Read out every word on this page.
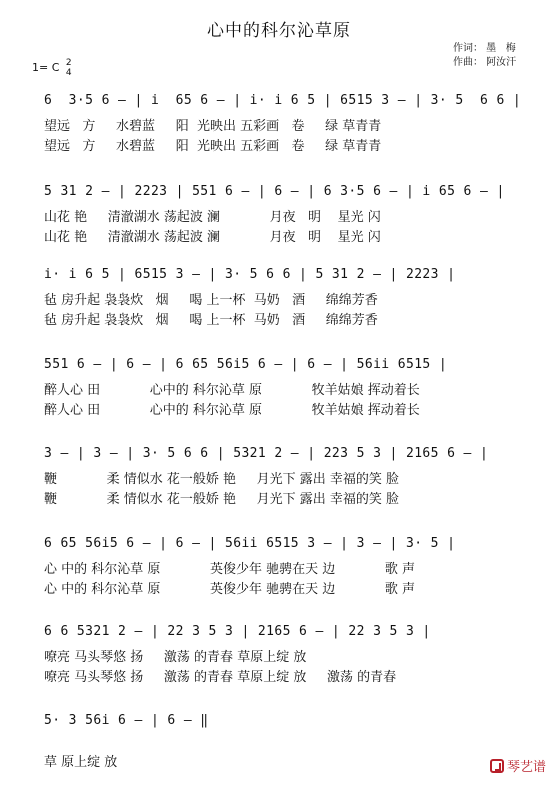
心中的科尔沁草原
1= C 2
4
作词： 墨   梅
作曲： 阿汝汗
6  3·5 6 – | i  65 6 – | i· i 6 5 | 6515 3 – | 3· 5  6 6 |
望远   方     水碧蓝     阳  光映出 五彩画   卷     绿 草青青
望远   方     水碧蓝     阳  光映出 五彩画   卷     绿 草青青
5 31 2 – | 2223 | 551 6 – | 6 – | 6 3·5 6 – | i 65 6 – |
山花 艳     清澈湖水 荡起波 澜            月夜   明    星光 闪
山花 艳     清澈湖水 荡起波 澜            月夜   明    星光 闪
i· i 6 5 | 6515 3 – | 3· 5 6 6 | 5 31 2 – | 2223 |
毡 房升起 袅袅炊   烟     喝 上一杯  马奶   酒     绵绵芳香
毡 房升起 袅袅炊   烟     喝 上一杯  马奶   酒     绵绵芳香
551 6 – | 6 – | 6 65 56i5 6 – | 6 – | 56ii 6515 |
醉人心 田            心中的 科尔沁草 原            牧羊姑娘 挥动着长
醉人心 田            心中的 科尔沁草 原            牧羊姑娘 挥动着长
3 – | 3 – | 3· 5 6 6 | 5321 2 – | 223 5 3 | 2165 6 – |
鞭            柔 情似水 花一般娇 艳     月光下 露出 幸福的笑 脸
鞭            柔 情似水 花一般娇 艳     月光下 露出 幸福的笑 脸
6 65 56i5 6 – | 6 – | 56ii 6515 3 – | 3 – | 3· 5 |
心 中的 科尔沁草 原            英俊少年 驰骋在天 边            歌 声
心 中的 科尔沁草 原            英俊少年 驰骋在天 边            歌 声
6 6 5321 2 – | 22 3 5 3 | 2165 6 – | 22 3 5 3 |
嘹亮 马头琴悠 扬     激荡 的青春 草原上绽 放
嘹亮 马头琴悠 扬     激荡 的青春 草原上绽 放     激荡 的青春
5· 3 56i 6 – | 6 – ‖
草 原上绽 放	琴艺谱
